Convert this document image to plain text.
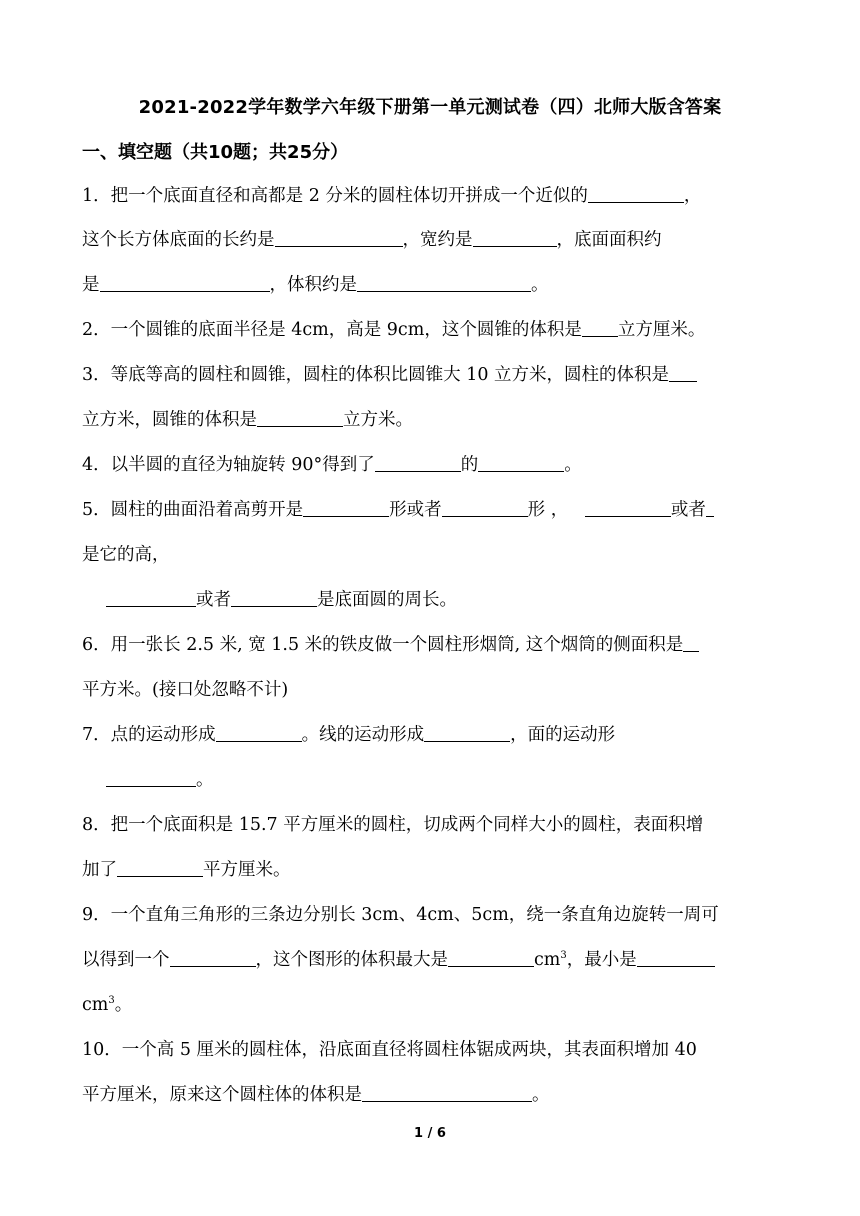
2021-2022学年数学六年级下册第一单元测试卷（四）北师大版含答案
一、填空题（共10题；共25分）
1．把一个底面直径和高都是 2 分米的圆柱体切开拼成一个近似的	，
这个长方体底面的长约是	，宽约是	，底面面积约
是	，体积约是	。
2．一个圆锥的底面半径是 4cm，高是 9cm，这个圆锥的体积是 立方厘米。
3．等底等高的圆柱和圆锥，圆柱的体积比圆锥大 10 立方米，圆柱的体积是
立方米，圆锥的体积是	立方米。
4．以半圆的直径为轴旋转 90°得到了	的	。
5．圆柱的曲面沿着高剪开是	形或者	形 ，	或者
是它的高，
或者	是底面圆的周长。
6．用一张长 2.5 米, 宽 1.5 米的铁皮做一个圆柱形烟筒, 这个烟筒的侧面积是
平方米。(接口处忽略不计)
7．点的运动形成	。线的运动形成	，面的运动形
。
8．把一个底面积是 15.7 平方厘米的圆柱，切成两个同样大小的圆柱，表面积增
加了	平方厘米。
9．一个直角三角形的三条边分别长 3cm、4cm、5cm，绕一条直角边旋转一周可
以得到一个	，这个图形的体积最大是	$cm^3$，最小是
$cm^3$。
10．一个高 5 厘米的圆柱体，沿底面直径将圆柱体锯成两块，其表面积增加 40
平方厘米，原来这个圆柱体的体积是	。
1 / 6
